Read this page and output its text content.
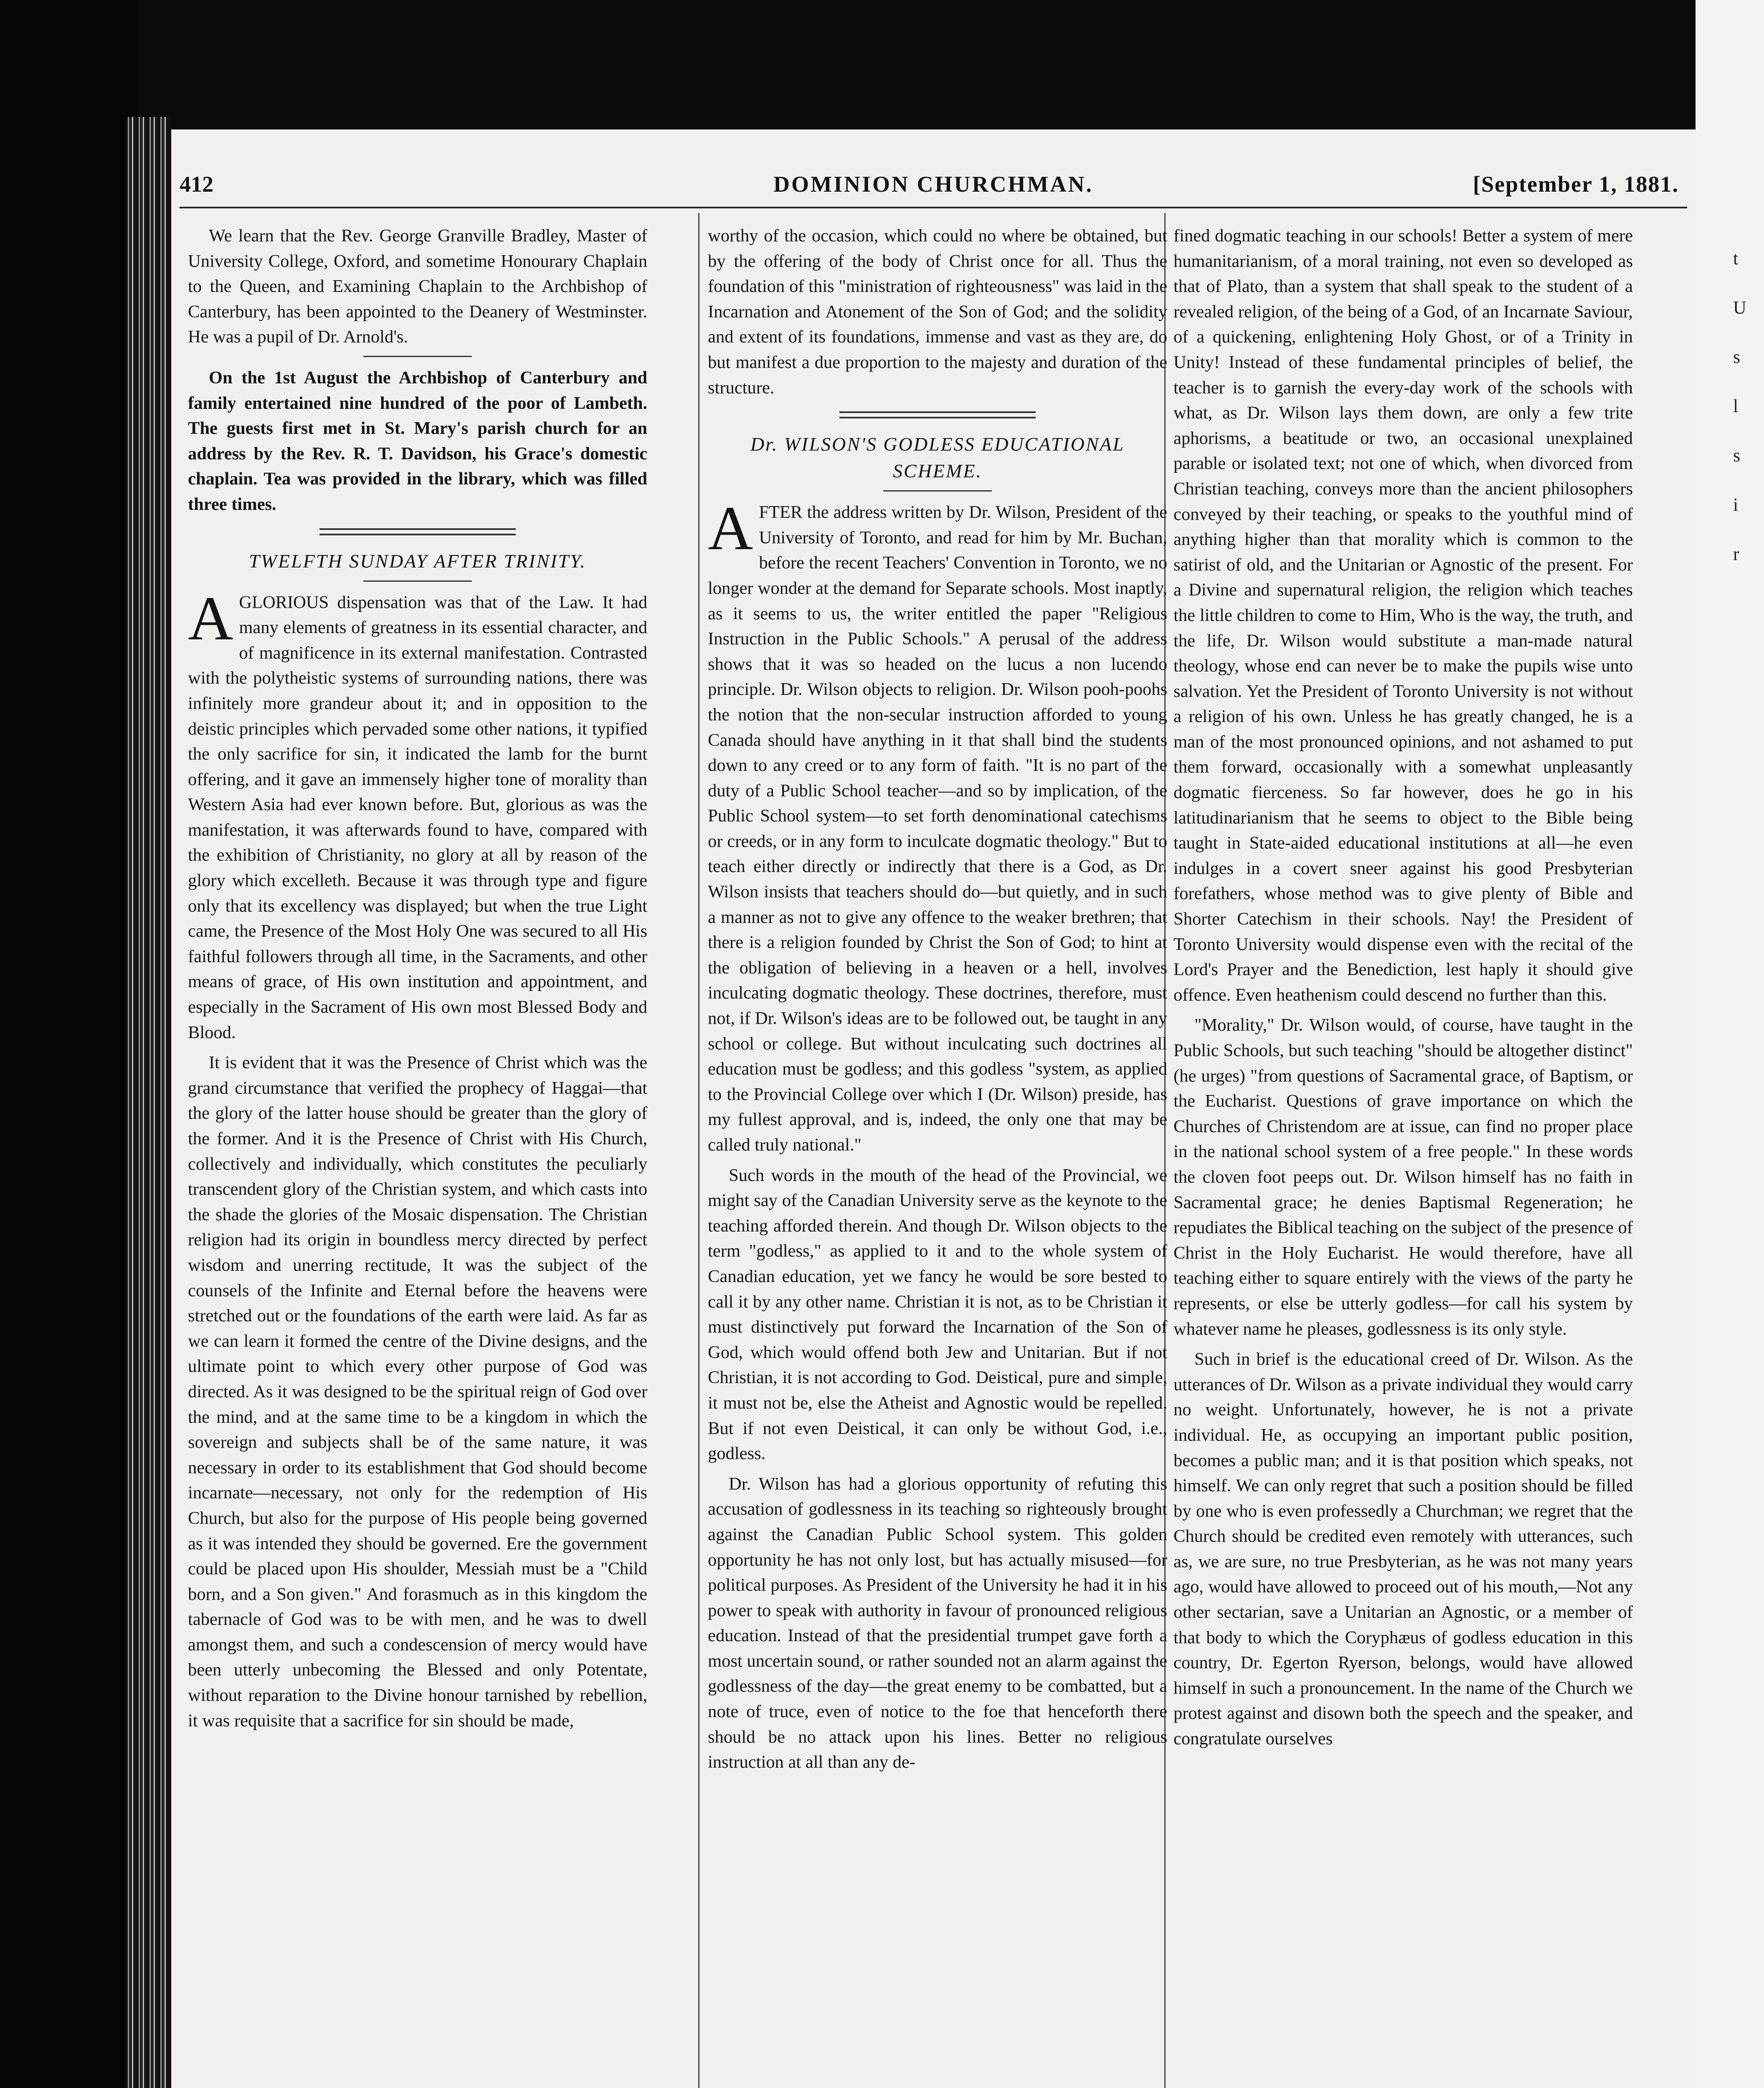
412	DOMINION CHURCHMAN.	[September 1, 1881.

We learn that the Rev. George Granville Bradley, Master of University College, Oxford, and sometime Honourary Chaplain to the Queen, and Examining Chaplain to the Archbishop of Canterbury, has been appointed to the Deanery of Westminster. He was a pupil of Dr. Arnold's.

On the 1st August the Archbishop of Canterbury and family entertained nine hundred of the poor of Lambeth. The guests first met in St. Mary's parish church for an address by the Rev. R. T. Davidson, his Grace's domestic chaplain. Tea was provided in the library, which was filled three times.

TWELFTH SUNDAY AFTER TRINITY.

AGLORIOUS dispensation was that of the Law. It had many elements of greatness in its essential character, and of magnificence in its external manifestation. Contrasted with the polytheistic systems of surrounding nations, there was infinitely more grandeur about it; and in opposition to the deistic principles which pervaded some other nations, it typified the only sacrifice for sin, it indicated the lamb for the burnt offering, and it gave an immensely higher tone of morality than Western Asia had ever known before. But, glorious as was the manifestation, it was afterwards found to have, compared with the exhibition of Christianity, no glory at all by reason of the glory which excelleth. Because it was through type and figure only that its excellency was displayed; but when the true Light came, the Presence of the Most Holy One was secured to all His faithful followers through all time, in the Sacraments, and other means of grace, of His own institution and appointment, and especially in the Sacrament of His own most Blessed Body and Blood.

It is evident that it was the Presence of Christ which was the grand circumstance that verified the prophecy of Haggai—that the glory of the latter house should be greater than the glory of the former. And it is the Presence of Christ with His Church, collectively and individually, which constitutes the peculiarly transcendent glory of the Christian system, and which casts into the shade the glories of the Mosaic dispensation. The Christian religion had its origin in boundless mercy directed by perfect wisdom and unerring rectitude, It was the subject of the counsels of the Infinite and Eternal before the heavens were stretched out or the foundations of the earth were laid. As far as we can learn it formed the centre of the Divine designs, and the ultimate point to which every other purpose of God was directed. As it was designed to be the spiritual reign of God over the mind, and at the same time to be a kingdom in which the sovereign and subjects shall be of the same nature, it was necessary in order to its establishment that God should become incarnate—necessary, not only for the redemption of His Church, but also for the purpose of His people being governed as it was intended they should be governed. Ere the government could be placed upon His shoulder, Messiah must be a "Child born, and a Son given." And forasmuch as in this kingdom the tabernacle of God was to be with men, and he was to dwell amongst them, and such a condescension of mercy would have been utterly unbecoming the Blessed and only Potentate, without reparation to the Divine honour tarnished by rebellion, it was requisite that a sacrifice for sin should be made,

worthy of the occasion, which could no where be obtained, but by the offering of the body of Christ once for all. Thus the foundation of this "ministration of righteousness" was laid in the Incarnation and Atonement of the Son of God; and the solidity and extent of its foundations, immense and vast as they are, do but manifest a due proportion to the majesty and duration of the structure.

Dr. WILSON'S GODLESS EDUCATIONAL SCHEME.

AFTER the address written by Dr. Wilson, President of the University of Toronto, and read for him by Mr. Buchan, before the recent Teachers' Convention in Toronto, we no longer wonder at the demand for Separate schools. Most inaptly, as it seems to us, the writer entitled the paper "Religious Instruction in the Public Schools." A perusal of the address shows that it was so headed on the lucus a non lucendo principle. Dr. Wilson objects to religion. Dr. Wilson pooh-poohs the notion that the non-secular instruction afforded to young Canada should have anything in it that shall bind the students down to any creed or to any form of faith. "It is no part of the duty of a Public School teacher—and so by implication, of the Public School system—to set forth denominational catechisms or creeds, or in any form to inculcate dogmatic theology." But to teach either directly or indirectly that there is a God, as Dr. Wilson insists that teachers should do—but quietly, and in such a manner as not to give any offence to the weaker brethren; that there is a religion founded by Christ the Son of God; to hint at the obligation of believing in a heaven or a hell, involves inculcating dogmatic theology. These doctrines, therefore, must not, if Dr. Wilson's ideas are to be followed out, be taught in any school or college. But without inculcating such doctrines all education must be godless; and this godless "system, as applied to the Provincial College over which I (Dr. Wilson) preside, has my fullest approval, and is, indeed, the only one that may be called truly national."

Such words in the mouth of the head of the Provincial, we might say of the Canadian University serve as the keynote to the teaching afforded therein. And though Dr. Wilson objects to the term "godless," as applied to it and to the whole system of Canadian education, yet we fancy he would be sore bested to call it by any other name. Christian it is not, as to be Christian it must distinctively put forward the Incarnation of the Son of God, which would offend both Jew and Unitarian. But if not Christian, it is not according to God. Deistical, pure and simple, it must not be, else the Atheist and Agnostic would be repelled. But if not even Deistical, it can only be without God, i.e., godless.

Dr. Wilson has had a glorious opportunity of refuting this accusation of godlessness in its teaching so righteously brought against the Canadian Public School system. This golden opportunity he has not only lost, but has actually misused—for political purposes. As President of the University he had it in his power to speak with authority in favour of pronounced religious education. Instead of that the presidential trumpet gave forth a most uncertain sound, or rather sounded not an alarm against the godlessness of the day—the great enemy to be combatted, but a note of truce, even of notice to the foe that henceforth there should be no attack upon his lines. Better no religious instruction at all than any de-

fined dogmatic teaching in our schools! Better a system of mere humanitarianism, of a moral training, not even so developed as that of Plato, than a system that shall speak to the student of a revealed religion, of the being of a God, of an Incarnate Saviour, of a quickening, enlightening Holy Ghost, or of a Trinity in Unity! Instead of these fundamental principles of belief, the teacher is to garnish the every-day work of the schools with what, as Dr. Wilson lays them down, are only a few trite aphorisms, a beatitude or two, an occasional unexplained parable or isolated text; not one of which, when divorced from Christian teaching, conveys more than the ancient philosophers conveyed by their teaching, or speaks to the youthful mind of anything higher than that morality which is common to the satirist of old, and the Unitarian or Agnostic of the present. For a Divine and supernatural religion, the religion which teaches the little children to come to Him, Who is the way, the truth, and the life, Dr. Wilson would substitute a man-made natural theology, whose end can never be to make the pupils wise unto salvation. Yet the President of Toronto University is not without a religion of his own. Unless he has greatly changed, he is a man of the most pronounced opinions, and not ashamed to put them forward, occasionally with a somewhat unpleasantly dogmatic fierceness. So far however, does he go in his latitudinarianism that he seems to object to the Bible being taught in State-aided educational institutions at all—he even indulges in a covert sneer against his good Presbyterian forefathers, whose method was to give plenty of Bible and Shorter Catechism in their schools. Nay! the President of Toronto University would dispense even with the recital of the Lord's Prayer and the Benediction, lest haply it should give offence. Even heathenism could descend no further than this.

"Morality," Dr. Wilson would, of course, have taught in the Public Schools, but such teaching "should be altogether distinct" (he urges) "from questions of Sacramental grace, of Baptism, or the Eucharist. Questions of grave importance on which the Churches of Christendom are at issue, can find no proper place in the national school system of a free people." In these words the cloven foot peeps out. Dr. Wilson himself has no faith in Sacramental grace; he denies Baptismal Regeneration; he repudiates the Biblical teaching on the subject of the presence of Christ in the Holy Eucharist. He would therefore, have all teaching either to square entirely with the views of the party he represents, or else be utterly godless—for call his system by whatever name he pleases, godlessness is its only style.

Such in brief is the educational creed of Dr. Wilson. As the utterances of Dr. Wilson as a private individual they would carry no weight. Unfortunately, however, he is not a private individual. He, as occupying an important public position, becomes a public man; and it is that position which speaks, not himself. We can only regret that such a position should be filled by one who is even professedly a Churchman; we regret that the Church should be credited even remotely with utterances, such as, we are sure, no true Presbyterian, as he was not many years ago, would have allowed to proceed out of his mouth,—Not any other sectarian, save a Unitarian an Agnostic, or a member of that body to which the Coryphæus of godless education in this country, Dr. Egerton Ryerson, belongs, would have allowed himself in such a pronouncement. In the name of the Church we protest against and disown both the speech and the speaker, and congratulate ourselves

t
U
s
l
s
i
r
